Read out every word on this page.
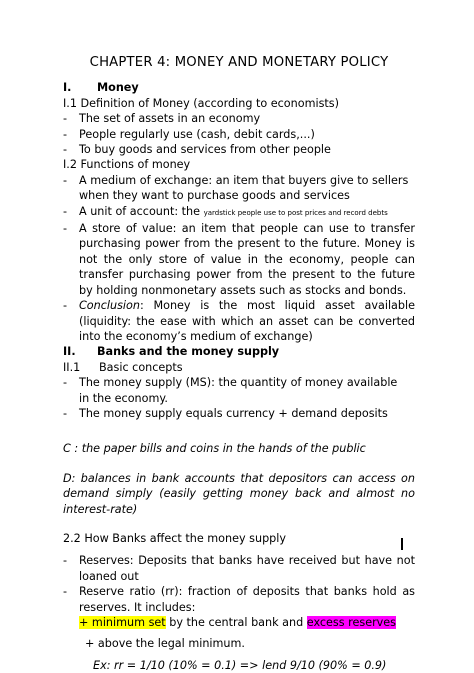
CHAPTER 4: MONEY AND MONETARY POLICY
I. Money
I.1 Definition of Money (according to economists)
-	The set of assets in an economy
-	People regularly use (cash, debit cards,...)
-	To buy goods and services from other people
I.2 Functions of money
-	A medium of exchange: an item that buyers give to sellers
when they want to purchase goods and services
-	A unit of account: the yardstick people use to post prices and record debts
-	A store of value: an item that people can use to transfer
purchasing power from the present to the future. Money is
not the only store of value in the economy, people can
transfer purchasing power from the present to the future
by holding nonmonetary assets such as stocks and bonds.
-	Conclusion: Money is the most liquid asset available
(liquidity: the ease with which an asset can be converted
into the economy’s medium of exchange)
II. Banks and the money supply
II.1 Basic concepts
-	The money supply (MS): the quantity of money available
in the economy.
-	The money supply equals currency + demand deposits
C : the paper bills and coins in the hands of the public
D: balances in bank accounts that depositors can access on
demand simply (easily getting money back and almost no
interest-rate)
2.2 How Banks affect the money supply
-	Reserves: Deposits that banks have received but have not
loaned out
-	Reserve ratio (rr): fraction of deposits that banks hold as
reserves. It includes:
+ minimum set by the central bank and excess reserves
+ above the legal minimum.
Ex: rr = 1/10 (10% = 0.1) => lend 9/10 (90% = 0.9)
